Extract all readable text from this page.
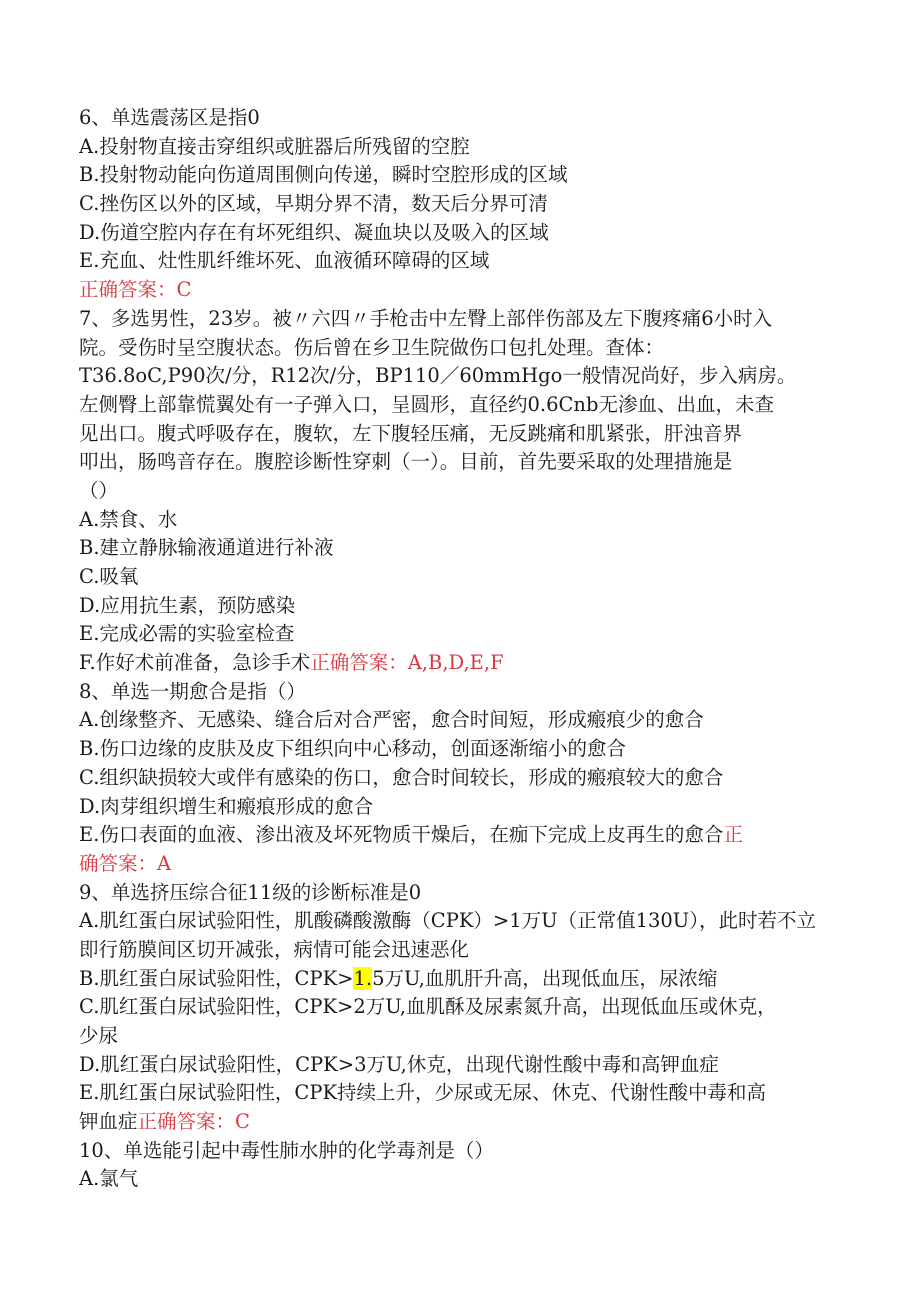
6、单选震荡区是指0
A.投射物直接击穿组织或脏器后所残留的空腔
B.投射物动能向伤道周围侧向传递，瞬时空腔形成的区域
C.挫伤区以外的区域，早期分界不清，数天后分界可清
D.伤道空腔内存在有坏死组织、凝血块以及吸入的区域
E.充血、灶性肌纤维坏死、血液循环障碍的区域
正确答案：C
7、多选男性，23岁。被〃六四〃手枪击中左臀上部伴伤部及左下腹疼痛6小时入
院。受伤时呈空腹状态。伤后曾在乡卫生院做伤口包扎处理。查体：
T36.8oC,P90次/分，R12次/分，BP110／60mmHgo一般情况尚好，步入病房。
左侧臀上部靠慌翼处有一子弹入口，呈圆形，直径约0.6Cnb无渗血、出血，未查
见出口。腹式呼吸存在，腹软，左下腹轻压痛，无反跳痛和肌紧张，肝浊音界
叩出，肠鸣音存在。腹腔诊断性穿刺（一）。目前，首先要采取的处理措施是
（）
A.禁食、水
B.建立静脉输液通道进行补液
C.吸氧
D.应用抗生素，预防感染
E.完成必需的实验室检查
F.作好术前准备，急诊手术正确答案：A,B,D,E,F
8、单选一期愈合是指（）
A.创缘整齐、无感染、缝合后对合严密，愈合时间短，形成瘢痕少的愈合
B.伤口边缘的皮肤及皮下组织向中心移动，创面逐渐缩小的愈合
C.组织缺损较大或伴有感染的伤口，愈合时间较长，形成的瘢痕较大的愈合
D.肉芽组织增生和瘢痕形成的愈合
E.伤口表面的血液、渗出液及坏死物质干燥后，在痂下完成上皮再生的愈合正
确答案：A
9、单选挤压综合征11级的诊断标准是0
A.肌红蛋白尿试验阳性，肌酸磷酸激酶（CPK）>1万U（正常值130U），此时若不立
即行筋膜间区切开减张，病情可能会迅速恶化
B.肌红蛋白尿试验阳性，CPK>1.5万U,血肌肝升高，出现低血压，尿浓缩
C.肌红蛋白尿试验阳性，CPK>2万U,血肌酥及尿素氮升高，出现低血压或休克，
少尿
D.肌红蛋白尿试验阳性，CPK>3万U,休克，出现代谢性酸中毒和高钾血症
E.肌红蛋白尿试验阳性，CPK持续上升，少尿或无尿、休克、代谢性酸中毒和高
钾血症正确答案：C
10、单选能引起中毒性肺水肿的化学毒剂是（）
A.氯气
